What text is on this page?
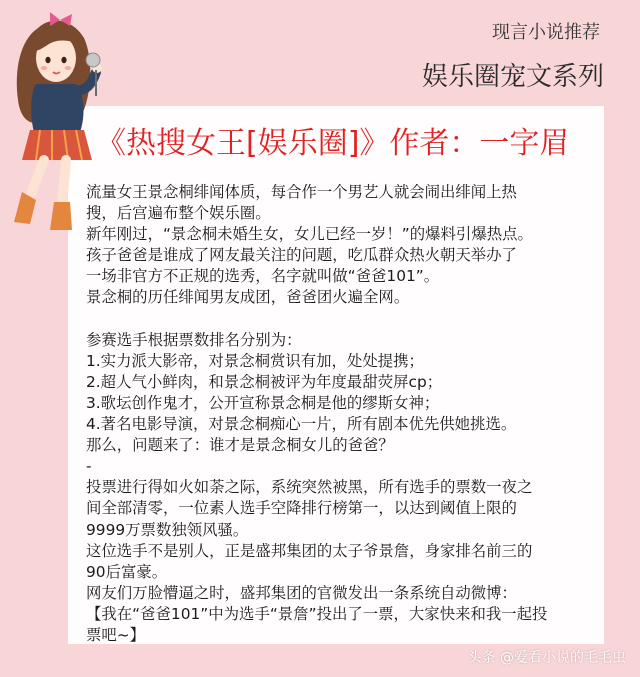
现言小说推荐
娱乐圈宠文系列
《热搜女王[娱乐圈]》作者：一字眉
流量女王景念桐绯闻体质，每合作一个男艺人就会闹出绯闻上热
搜，后宫遍布整个娱乐圈。
新年刚过，“景念桐未婚生女，女儿已经一岁！”的爆料引爆热点。
孩子爸爸是谁成了网友最关注的问题，吃瓜群众热火朝天举办了
一场非官方不正规的选秀，名字就叫做“爸爸101”。
景念桐的历任绯闻男友成团，爸爸团火遍全网。
参赛选手根据票数排名分别为：
1.实力派大影帝，对景念桐赏识有加，处处提携；
2.超人气小鲜肉，和景念桐被评为年度最甜荧屏cp；
3.歌坛创作鬼才，公开宣称景念桐是他的缪斯女神；
4.著名电影导演，对景念桐痴心一片，所有剧本优先供她挑选。
那么，问题来了：谁才是景念桐女儿的爸爸？
-
投票进行得如火如荼之际，系统突然被黑，所有选手的票数一夜之
间全部清零，一位素人选手空降排行榜第一，以达到阈值上限的
9999万票数独领风骚。
这位选手不是别人，正是盛邦集团的太子爷景詹，身家排名前三的
90后富豪。
网友们万脸懵逼之时，盛邦集团的官微发出一条系统自动微博：
【我在“爸爸101”中为选手“景詹”投出了一票，大家快来和我一起投
票吧~】
头条 @爱看小说的毛毛虫
